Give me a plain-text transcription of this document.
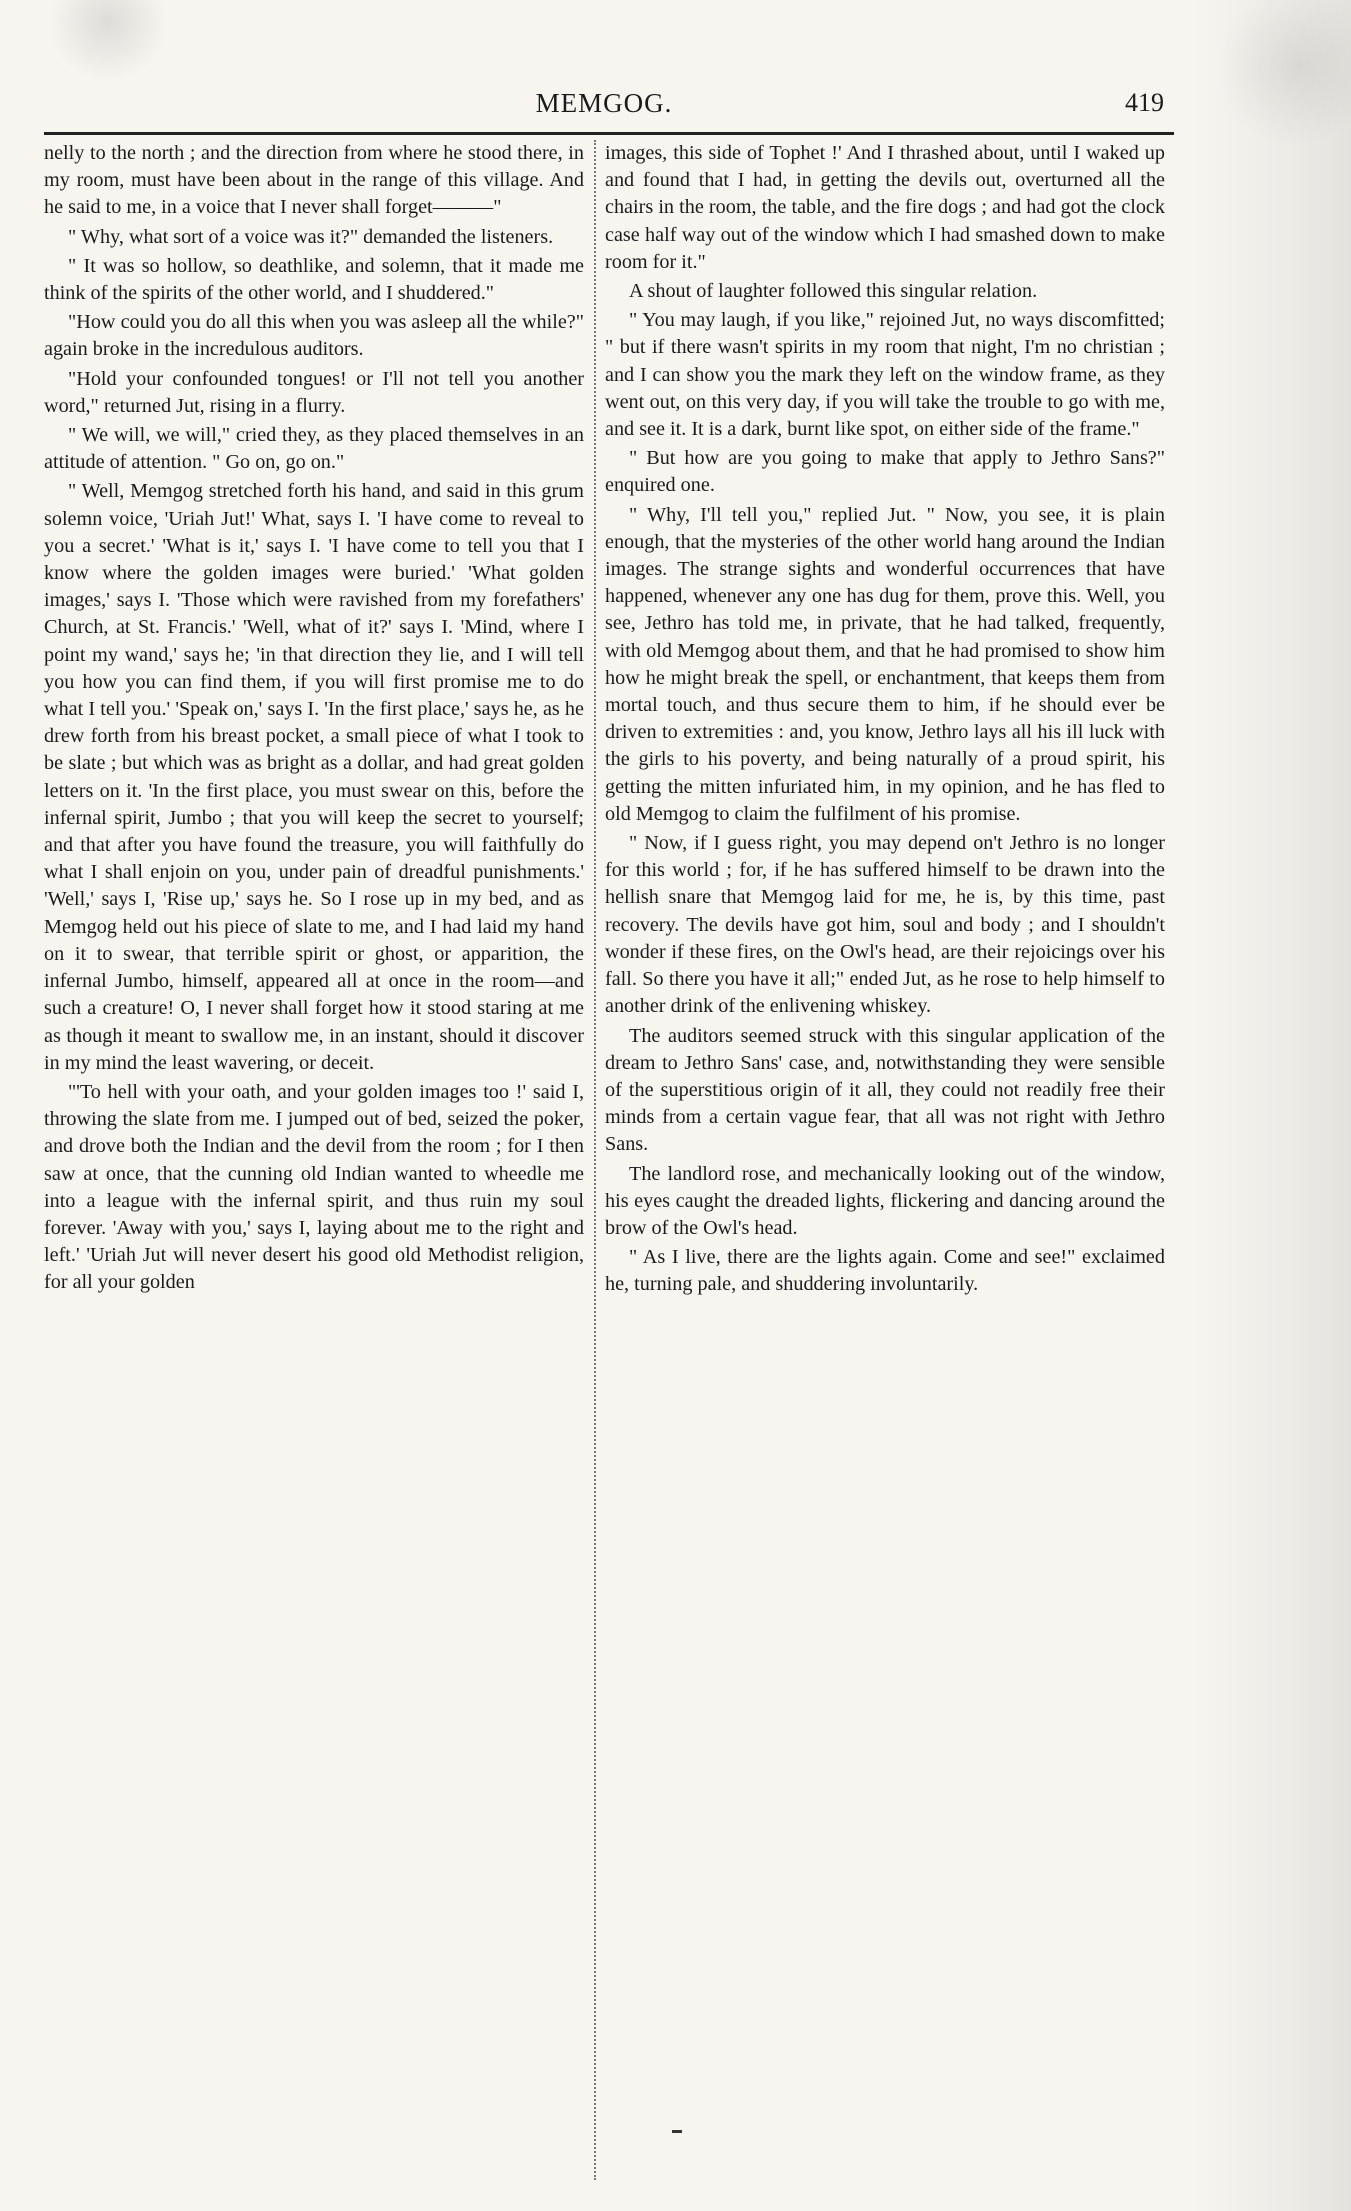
MEMGOG.	419

nelly to the north ; and the direction from where he stood there, in my room, must have been about in the range of this village. And he said to me, in a voice that I never shall forget———"

" Why, what sort of a voice was it?" demanded the listeners.

" It was so hollow, so deathlike, and solemn, that it made me think of the spirits of the other world, and I shuddered."

"How could you do all this when you was asleep all the while?" again broke in the incredulous auditors.

"Hold your confounded tongues! or I'll not tell you another word," returned Jut, rising in a flurry.

" We will, we will," cried they, as they placed themselves in an attitude of attention. " Go on, go on."

" Well, Memgog stretched forth his hand, and said in this grum solemn voice, 'Uriah Jut!' What, says I. 'I have come to reveal to you a secret.' 'What is it,' says I. 'I have come to tell you that I know where the golden images were buried.' 'What golden images,' says I. 'Those which were ravished from my forefathers' Church, at St. Francis.' 'Well, what of it?' says I. 'Mind, where I point my wand,' says he; 'in that direction they lie, and I will tell you how you can find them, if you will first promise me to do what I tell you.' 'Speak on,' says I. 'In the first place,' says he, as he drew forth from his breast pocket, a small piece of what I took to be slate ; but which was as bright as a dollar, and had great golden letters on it. 'In the first place, you must swear on this, before the infernal spirit, Jumbo ; that you will keep the secret to yourself; and that after you have found the treasure, you will faithfully do what I shall enjoin on you, under pain of dreadful punishments.' 'Well,' says I, 'Rise up,' says he. So I rose up in my bed, and as Memgog held out his piece of slate to me, and I had laid my hand on it to swear, that terrible spirit or ghost, or apparition, the infernal Jumbo, himself, appeared all at once in the room—and such a creature! O, I never shall forget how it stood staring at me as though it meant to swallow me, in an instant, should it discover in my mind the least wavering, or deceit.

"'To hell with your oath, and your golden images too !' said I, throwing the slate from me. I jumped out of bed, seized the poker, and drove both the Indian and the devil from the room ; for I then saw at once, that the cunning old Indian wanted to wheedle me into a league with the infernal spirit, and thus ruin my soul forever. 'Away with you,' says I, laying about me to the right and left.' 'Uriah Jut will never desert his good old Methodist religion, for all your golden

images, this side of Tophet !' And I thrashed about, until I waked up and found that I had, in getting the devils out, overturned all the chairs in the room, the table, and the fire dogs ; and had got the clock case half way out of the window which I had smashed down to make room for it."

A shout of laughter followed this singular relation.

" You may laugh, if you like," rejoined Jut, no ways discomfitted; " but if there wasn't spirits in my room that night, I'm no christian ; and I can show you the mark they left on the window frame, as they went out, on this very day, if you will take the trouble to go with me, and see it. It is a dark, burnt like spot, on either side of the frame."

" But how are you going to make that apply to Jethro Sans?" enquired one.

" Why, I'll tell you," replied Jut. " Now, you see, it is plain enough, that the mysteries of the other world hang around the Indian images. The strange sights and wonderful occurrences that have happened, whenever any one has dug for them, prove this. Well, you see, Jethro has told me, in private, that he had talked, frequently, with old Memgog about them, and that he had promised to show him how he might break the spell, or enchantment, that keeps them from mortal touch, and thus secure them to him, if he should ever be driven to extremities : and, you know, Jethro lays all his ill luck with the girls to his poverty, and being naturally of a proud spirit, his getting the mitten infuriated him, in my opinion, and he has fled to old Memgog to claim the fulfilment of his promise.

" Now, if I guess right, you may depend on't Jethro is no longer for this world ; for, if he has suffered himself to be drawn into the hellish snare that Memgog laid for me, he is, by this time, past recovery. The devils have got him, soul and body ; and I shouldn't wonder if these fires, on the Owl's head, are their rejoicings over his fall. So there you have it all;" ended Jut, as he rose to help himself to another drink of the enlivening whiskey.

The auditors seemed struck with this singular application of the dream to Jethro Sans' case, and, notwithstanding they were sensible of the superstitious origin of it all, they could not readily free their minds from a certain vague fear, that all was not right with Jethro Sans.

The landlord rose, and mechanically looking out of the window, his eyes caught the dreaded lights, flickering and dancing around the brow of the Owl's head.

" As I live, there are the lights again. Come and see!" exclaimed he, turning pale, and shuddering involuntarily.
